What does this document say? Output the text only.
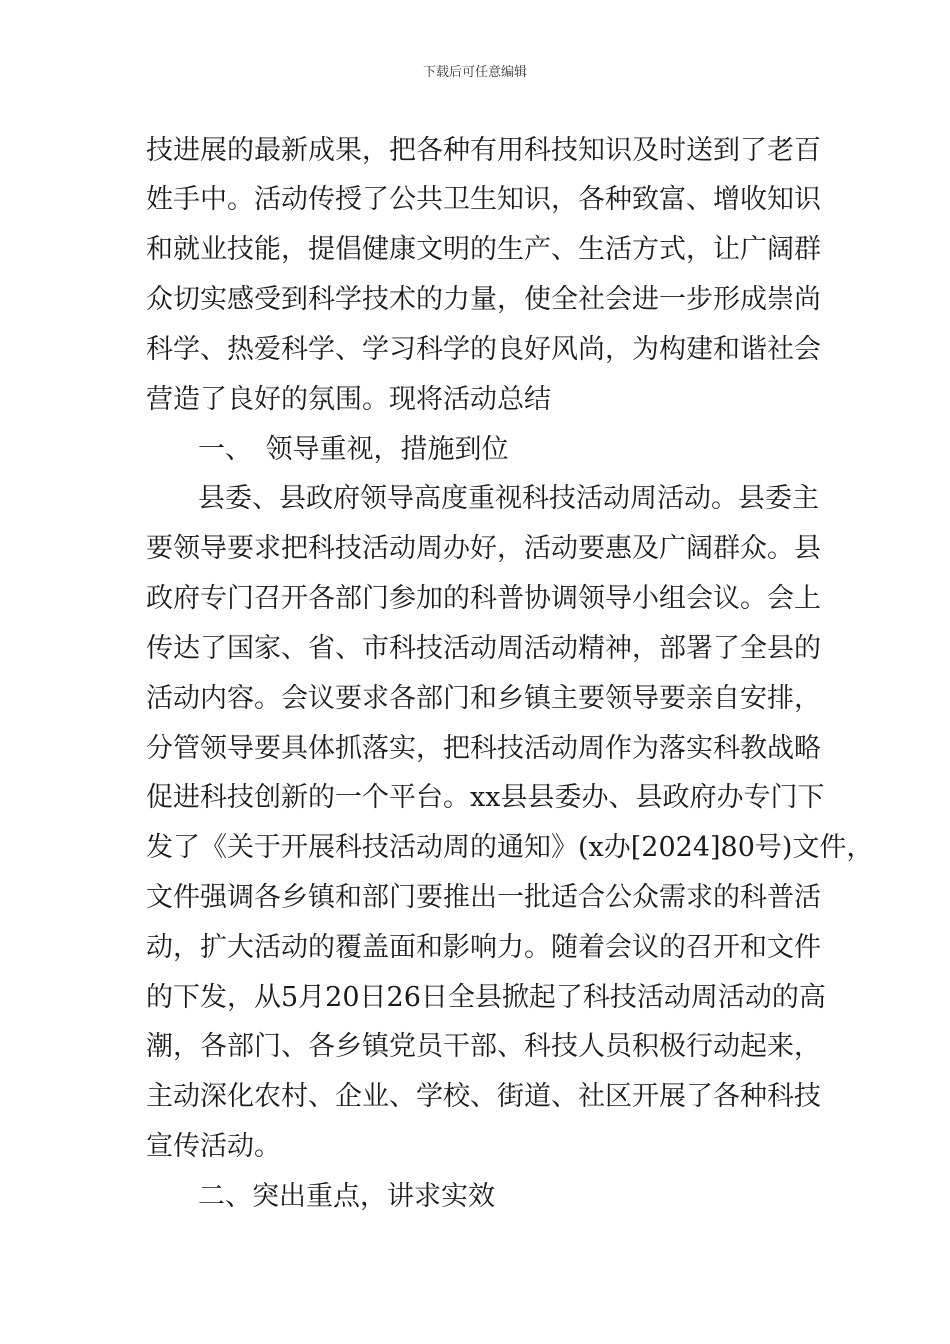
下载后可任意编辑
技进展的最新成果，把各种有用科技知识及时送到了老百
姓手中。活动传授了公共卫生知识，各种致富、增收知识
和就业技能，提倡健康文明的生产、生活方式，让广阔群
众切实感受到科学技术的力量，使全社会进一步形成崇尚
科学、热爱科学、学习科学的良好风尚，为构建和谐社会
营造了良好的氛围。现将活动总结
一、　领导重视，措施到位
县委、县政府领导高度重视科技活动周活动。县委主
要领导要求把科技活动周办好，活动要惠及广阔群众。县
政府专门召开各部门参加的科普协调领导小组会议。会上
传达了国家、省、市科技活动周活动精神，部署了全县的
活动内容。会议要求各部门和乡镇主要领导要亲自安排，
分管领导要具体抓落实，把科技活动周作为落实科教战略
促进科技创新的一个平台。xx县县委办、县政府办专门下
发了《关于开展科技活动周的通知》(x办[2024]80号)文件，
文件强调各乡镇和部门要推出一批适合公众需求的科普活
动，扩大活动的覆盖面和影响力。随着会议的召开和文件
的下发，从5月20日26日全县掀起了科技活动周活动的高
潮，各部门、各乡镇党员干部、科技人员积极行动起来，
主动深化农村、企业、学校、街道、社区开展了各种科技
宣传活动。
二、突出重点，讲求实效
